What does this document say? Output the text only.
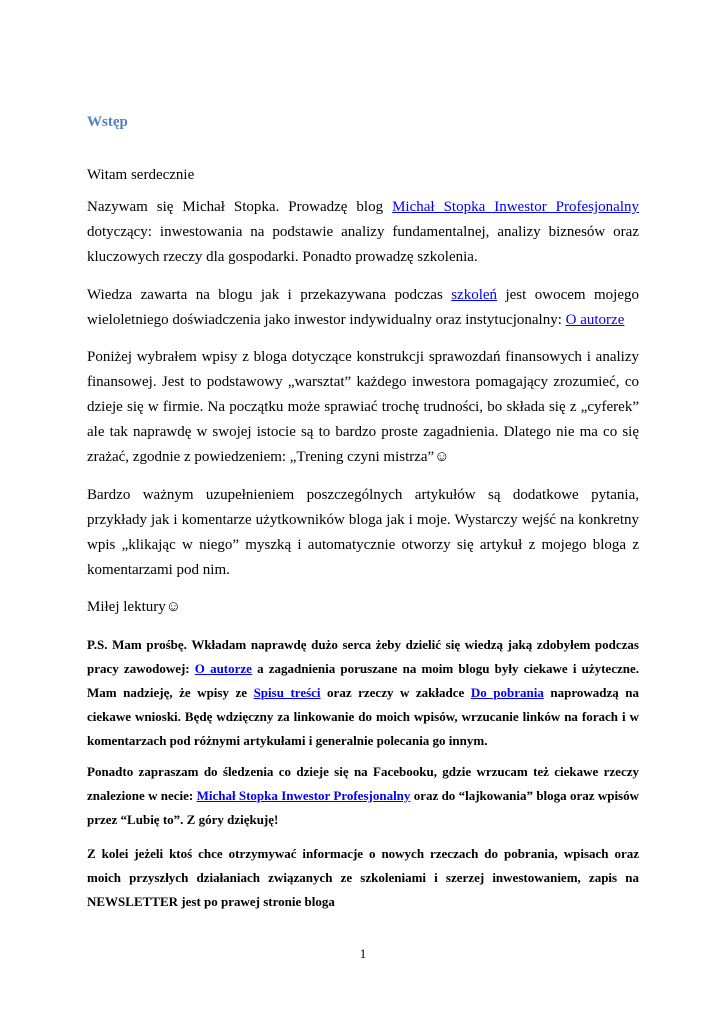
Wstęp
Witam serdecznie
Nazywam się Michał Stopka. Prowadzę blog Michał Stopka Inwestor Profesjonalny dotyczący: inwestowania na podstawie analizy fundamentalnej, analizy biznesów oraz kluczowych rzeczy dla gospodarki. Ponadto prowadzę szkolenia.
Wiedza zawarta na blogu jak i przekazywana podczas szkoleń jest owocem mojego wieloletniego doświadczenia jako inwestor indywidualny oraz instytucjonalny: O autorze
Poniżej wybrałem wpisy z bloga dotyczące konstrukcji sprawozdań finansowych i analizy finansowej. Jest to podstawowy „warsztat” każdego inwestora pomagający zrozumieć, co dzieje się w firmie. Na początku może sprawiać trochę trudności, bo składa się z „cyferek” ale tak naprawdę w swojej istocie są to bardzo proste zagadnienia. Dlatego nie ma co się zrażać, zgodnie z powiedzeniem: „Trening czyni mistrza”☺
Bardzo ważnym uzupełnieniem poszczególnych artykułów są dodatkowe pytania, przykłady jak i komentarze użytkowników bloga jak i moje. Wystarczy wejść na konkretny wpis „klikając w niego” myszką i automatycznie otworzy się artykuł z mojego bloga z komentarzami pod nim.
Miłej lektury☺
P.S. Mam prośbę. Wkładam naprawdę dużo serca żeby dzielić się wiedzą jaką zdobyłem podczas pracy zawodowej: O autorze a zagadnienia poruszane na moim blogu były ciekawe i użyteczne. Mam nadzieję, że wpisy ze Spisu treści oraz rzeczy w zakładce Do pobrania naprowadzą na ciekawe wnioski. Będę wdzięczny za linkowanie do moich wpisów, wrzucanie linków na forach i w komentarzach pod różnymi artykułami i generalnie polecania go innym.
Ponadto zapraszam do śledzenia co dzieje się na Facebooku, gdzie wrzucam też ciekawe rzeczy znalezione w necie: Michał Stopka Inwestor Profesjonalny oraz do “lajkowania” bloga oraz wpisów przez “Lubię to”. Z góry dziękuję!
Z kolei jeżeli ktoś chce otrzymywać informacje o nowych rzeczach do pobrania, wpisach oraz moich przyszłych działaniach związanych ze szkoleniami i szerzej inwestowaniem, zapis na NEWSLETTER jest po prawej stronie bloga
1
